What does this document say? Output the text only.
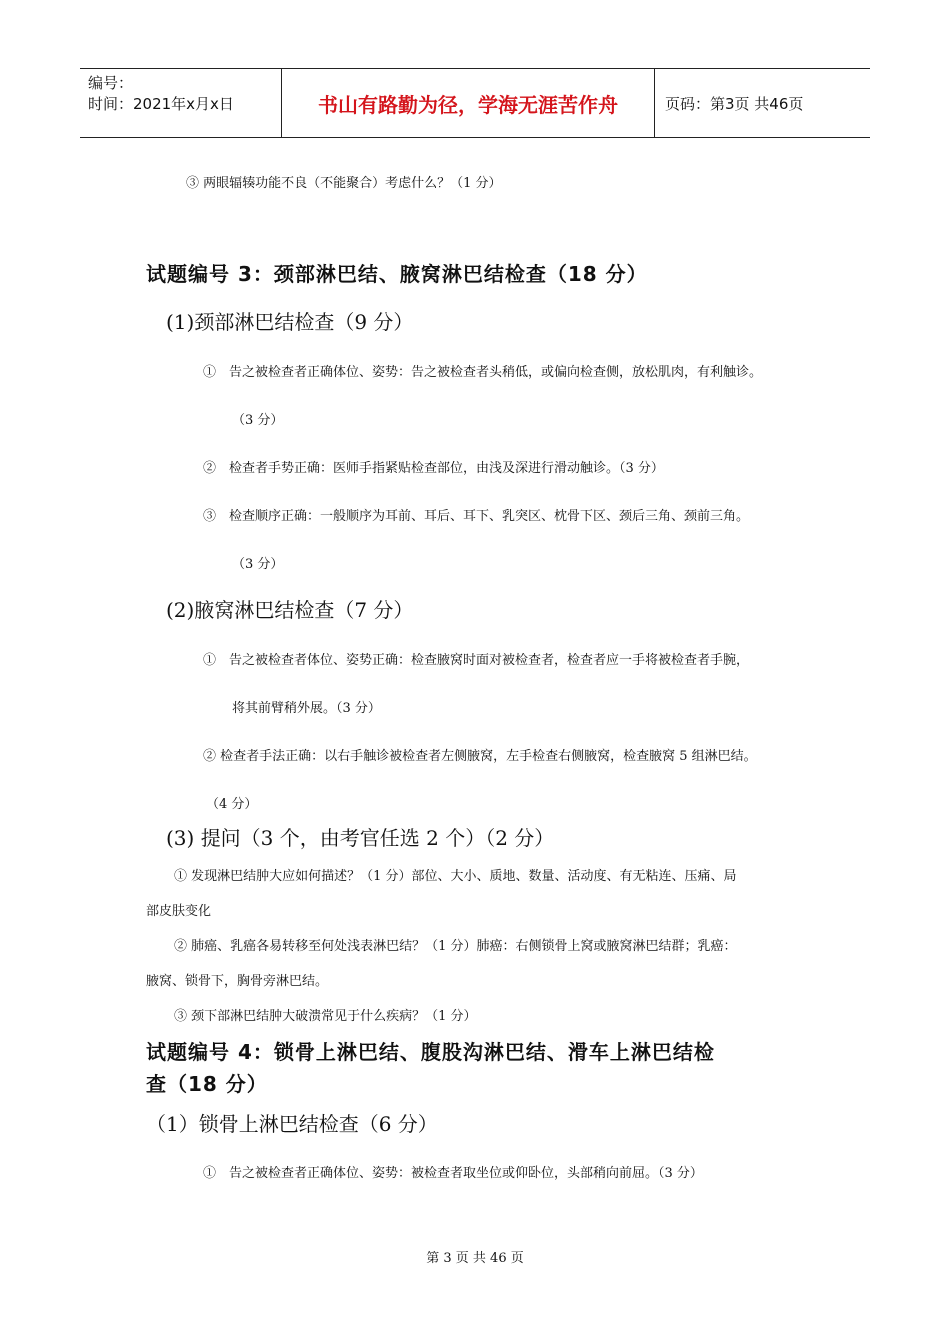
编号：
时间：2021年x月x日	书山有路勤为径，学海无涯苦作舟	页码：第3页 共46页
③ 两眼辐辏功能不良（不能聚合）考虑什么？（1 分）
试题编号 3：颈部淋巴结、腋窝淋巴结检查（18 分）
(1)颈部淋巴结检查（9 分）
①　告之被检查者正确体位、姿势：告之被检查者头稍低，或偏向检查侧，放松肌肉，有利触诊。
（3 分）
②　检查者手势正确：医师手指紧贴检查部位，由浅及深进行滑动触诊。（3 分）
③　检查顺序正确：一般顺序为耳前、耳后、耳下、乳突区、枕骨下区、颈后三角、颈前三角。
（3 分）
(2)腋窝淋巴结检查（7 分）
①　告之被检查者体位、姿势正确：检查腋窝时面对被检查者，检查者应一手将被检查者手腕，
将其前臂稍外展。（3 分）
② 检查者手法正确：以右手触诊被检查者左侧腋窝，左手检查右侧腋窝，检查腋窝 5 组淋巴结。
（4 分）
(3) 提问（3 个，由考官任选 2 个）（2 分）
① 发现淋巴结肿大应如何描述？（1 分）部位、大小、质地、数量、活动度、有无粘连、压痛、局
部皮肤变化
② 肺癌、乳癌各易转移至何处浅表淋巴结？（1 分）肺癌：右侧锁骨上窝或腋窝淋巴结群；乳癌：
腋窝、锁骨下，胸骨旁淋巴结。
③ 颈下部淋巴结肿大破溃常见于什么疾病？（1 分）
试题编号 4：锁骨上淋巴结、腹股沟淋巴结、滑车上淋巴结检
查（18 分）
（1）锁骨上淋巴结检查（6 分）
①　告之被检查者正确体位、姿势：被检查者取坐位或仰卧位，头部稍向前屈。（3 分）
第 3 页 共 46 页
